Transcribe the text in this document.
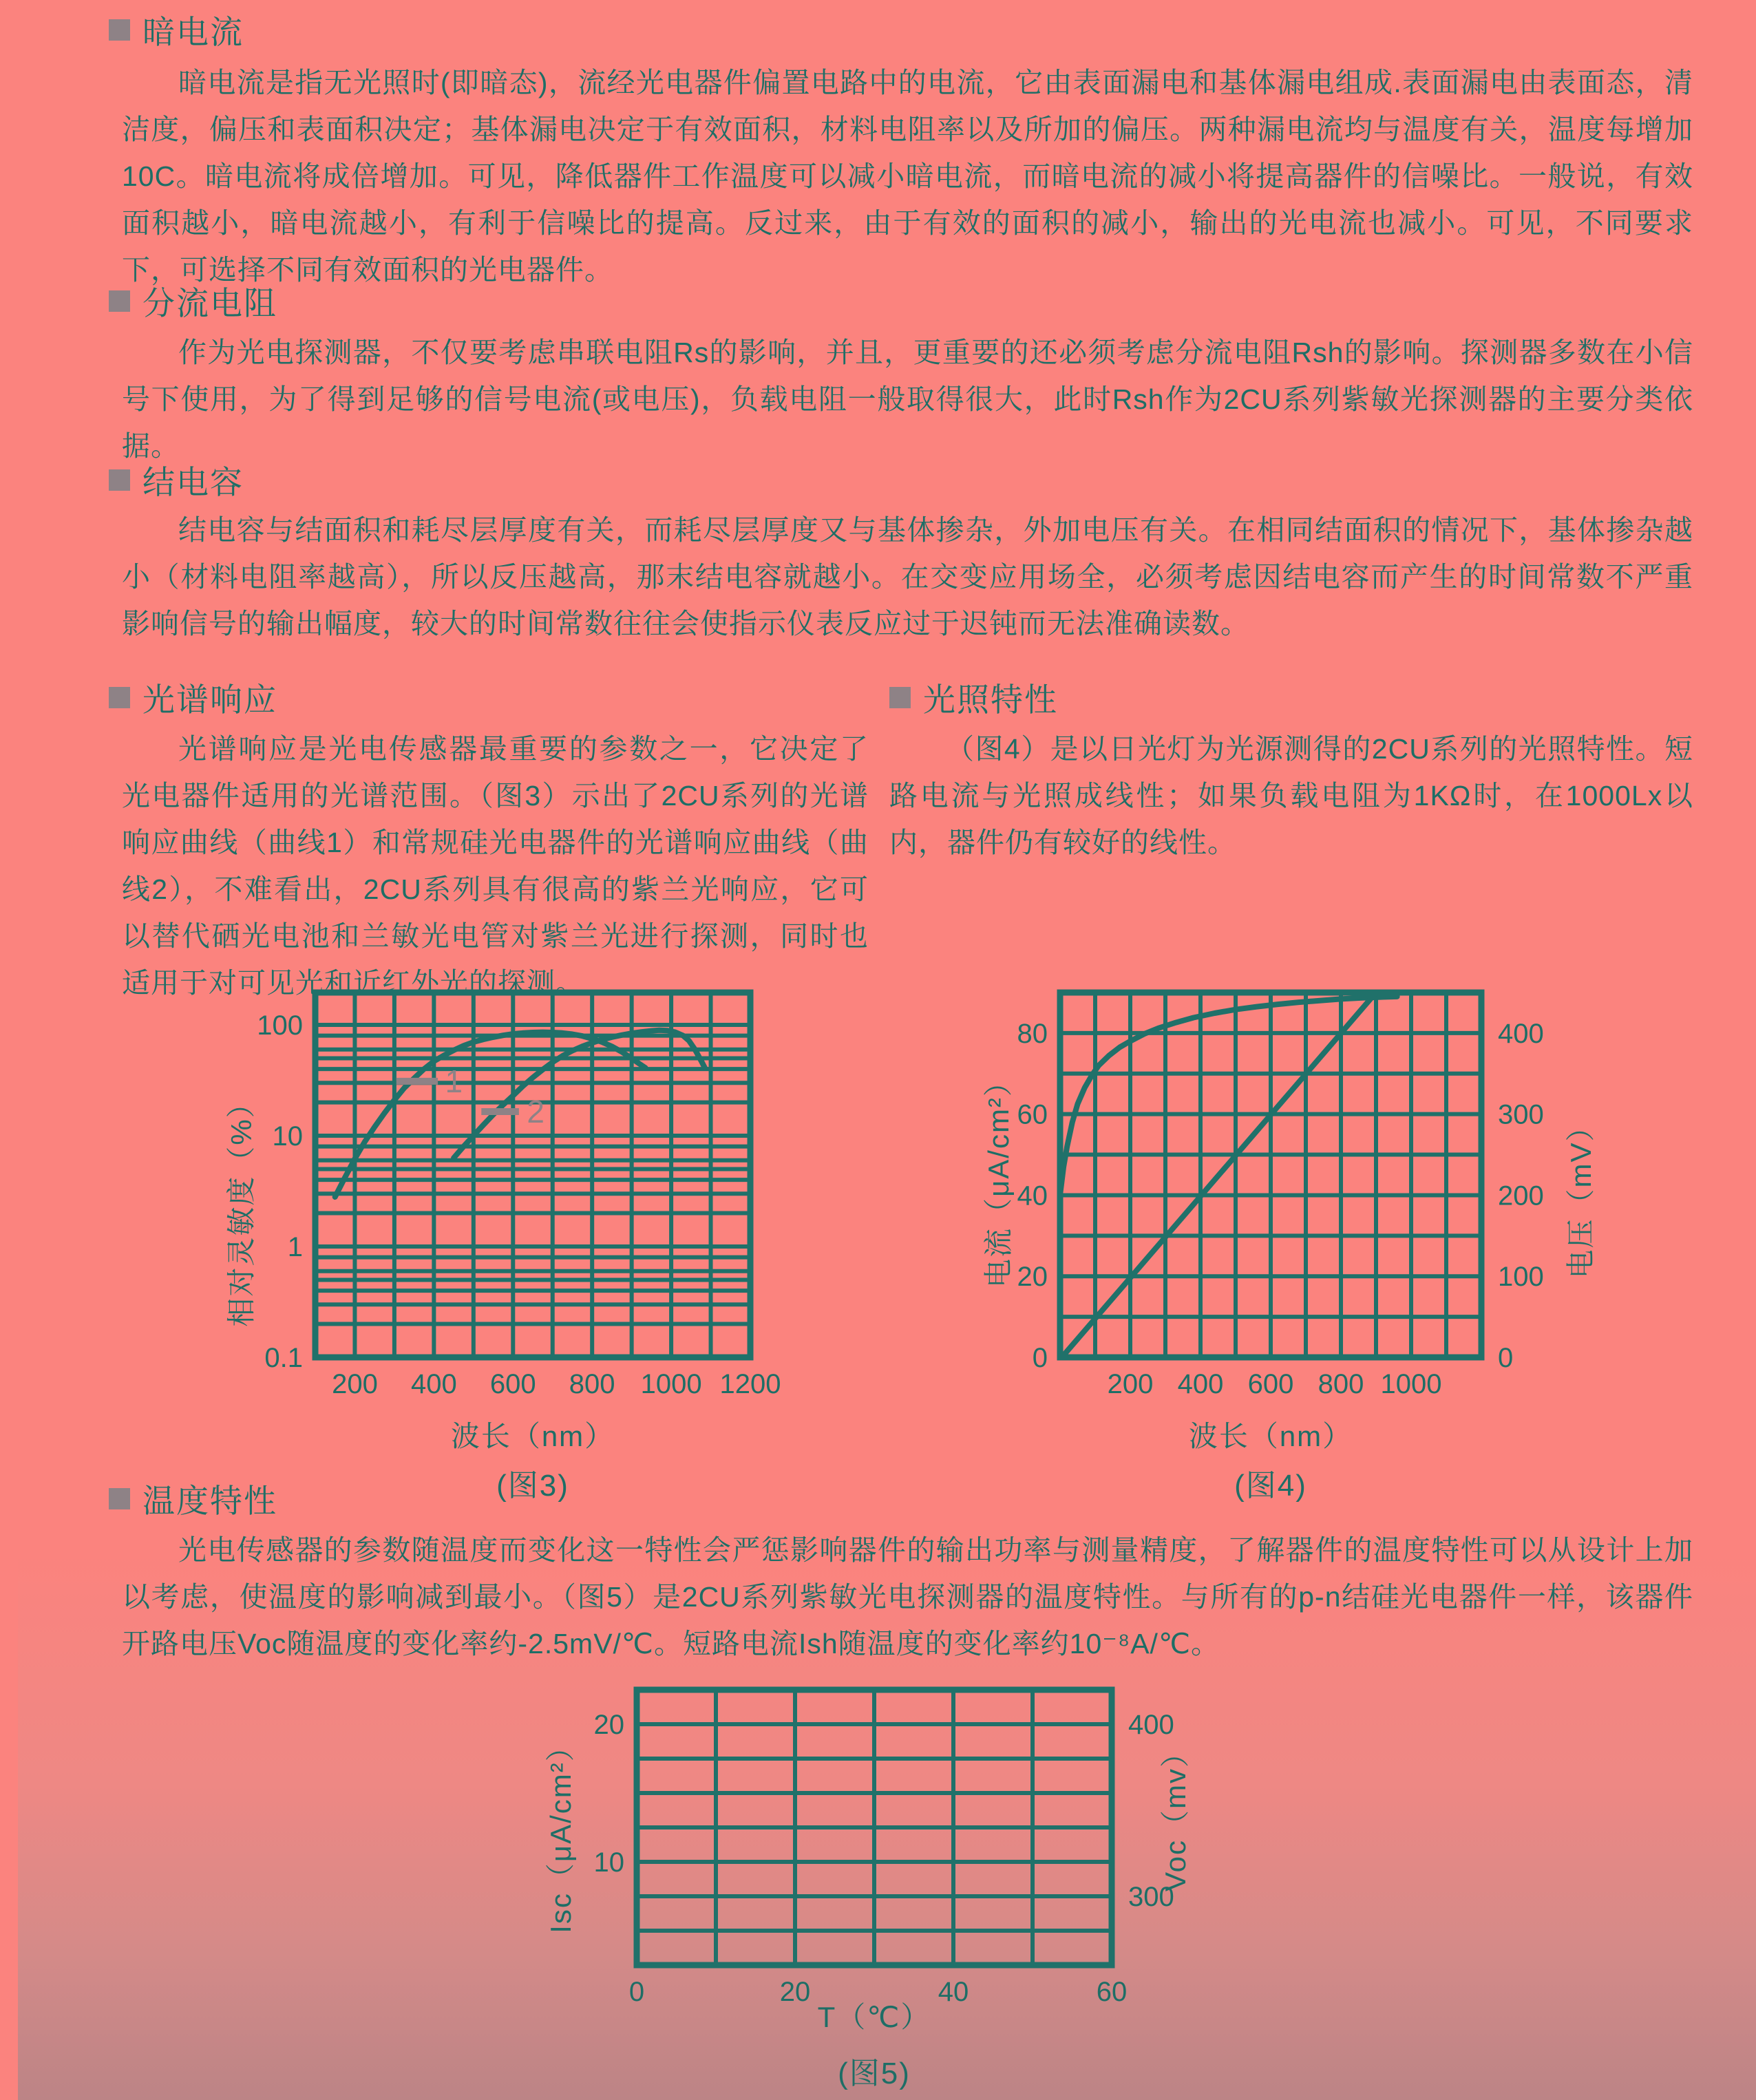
暗电流

暗电流是指无光照时(即暗态)，流经光电器件偏置电路中的电流，它由表面漏电和基体漏电组成.表面漏电由表面态，清洁度，偏压和表面积决定；基体漏电决定于有效面积，材料电阻率以及所加的偏压。两种漏电流均与温度有关，温度每增加10C。暗电流将成倍增加。可见，降低器件工作温度可以减小暗电流，而暗电流的减小将提高器件的信噪比。一般说，有效面积越小，暗电流越小，有利于信噪比的提高。反过来，由于有效的面积的减小，输出的光电流也减小。可见，不同要求下，可选择不同有效面积的光电器件。

分流电阻

作为光电探测器，不仅要考虑串联电阻Rs的影响，并且，更重要的还必须考虑分流电阻Rsh的影响。探测器多数在小信号下使用，为了得到足够的信号电流(或电压)，负载电阻一般取得很大，此时Rsh作为2CU系列紫敏光探测器的主要分类依据。

结电容

结电容与结面积和耗尽层厚度有关，而耗尽层厚度又与基体掺杂，外加电压有关。在相同结面积的情况下，基体掺杂越小（材料电阻率越高），所以反压越高，那末结电容就越小。在交变应用场全，必须考虑因结电容而产生的时间常数不严重影响信号的输出幅度，较大的时间常数往往会使指示仪表反应过于迟钝而无法准确读数。

光谱响应	光照特性

光谱响应是光电传感器最重要的参数之一，它决定了光电器件适用的光谱范围。（图3）示出了2CU系列的光谱响应曲线（曲线1）和常规硅光电器件的光谱响应曲线（曲线2），不难看出，2CU系列具有很高的紫兰光响应，它可以替代硒光电池和兰敏光电管对紫兰光进行探测，同时也适用于对可见光和近红外光的探测。

（图4）是以日光灯为光源测得的2CU系列的光照特性。短路电流与光照成线性；如果负载电阻为1KΩ时，在1000Lx以内，器件仍有较好的线性。

200 400 600 800 1000 1200
100
10
1
0.1
1
2
相对灵敏度（%）
波长（nm）
(图3)
200 400 600 800 1000
80
60
40
20
0
400
300
200
100
0
电流（μA/cm²）	电压（mV）
波长（nm）
(图4)
温度特性

光电传感器的参数随温度而变化这一特性会严惩影响器件的输出功率与测量精度，了解器件的温度特性可以从设计上加以考虑，使温度的影响减到最小。（图5）是2CU系列紫敏光电探测器的温度特性。与所有的p-n结硅光电器件一样，该器件开路电压Voc随温度的变化率约-2.5mV/℃。短路电流Ish随温度的变化率约10⁻⁸A/℃。

0	20	40	60
20
10
400
300
Isc（μA/cm²）	Voc（mv）
T（℃）
(图5)
